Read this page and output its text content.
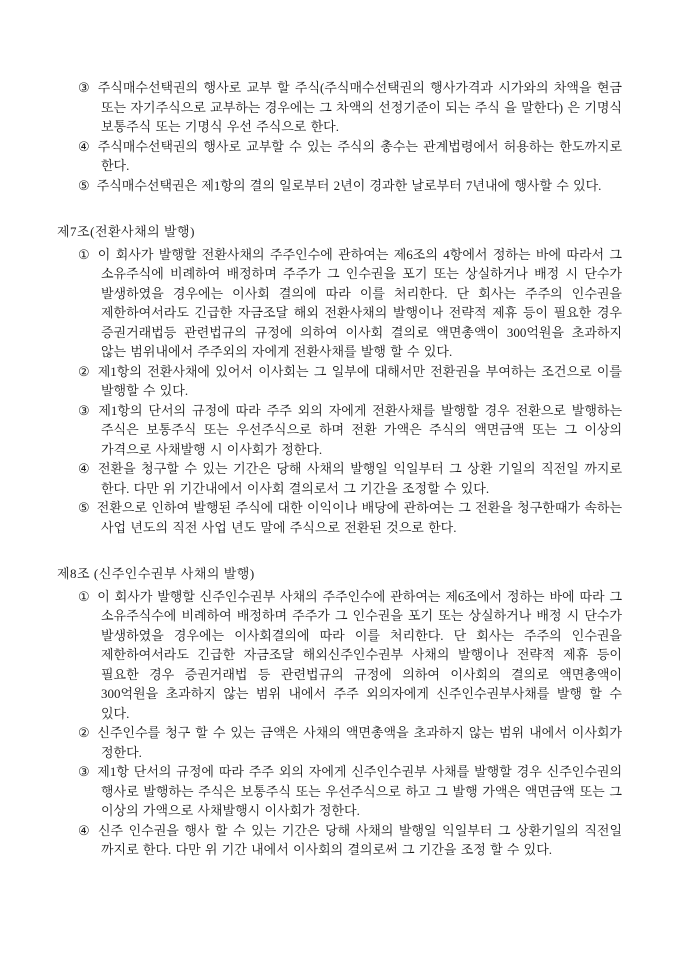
③ 주식매수선택권의 행사로 교부 할 주식(주식매수선택권의 행사가격과 시가와의 차액을 현금 또는 자기주식으로 교부하는 경우에는 그 차액의 선정기준이 되는 주식 을 말한다) 은 기명식 보통주식 또는 기명식 우선 주식으로 한다.

④ 주식매수선택권의 행사로 교부할 수 있는 주식의 총수는 관계법령에서 허용하는 한도까지로 한다.

⑤ 주식매수선택권은 제1항의 결의 일로부터 2년이 경과한 날로부터 7년내에 행사할 수 있다.

제7조(전환사채의 발행)

① 이 회사가 발행할 전환사채의 주주인수에 관하여는 제6조의 4항에서 정하는 바에 따라서 그 소유주식에 비례하여 배정하며 주주가 그 인수권을 포기 또는 상실하거나 배정 시 단수가 발생하였을 경우에는 이사회 결의에 따라 이를 처리한다. 단 회사는 주주의 인수권을 제한하여서라도 긴급한 자금조달 해외 전환사채의 발행이나 전략적 제휴 등이 필요한 경우 증권거래법등 관련법규의 규정에 의하여 이사회 결의로 액면총액이 300억원을 초과하지 않는 범위내에서 주주외의 자에게 전환사채를 발행 할 수 있다.

② 제1항의 전환사채에 있어서 이사회는 그 일부에 대해서만 전환권을 부여하는 조건으로 이를 발행할 수 있다.

③ 제1항의 단서의 규정에 따라 주주 외의 자에게 전환사채를 발행할 경우 전환으로 발행하는 주식은 보통주식 또는 우선주식으로 하며 전환 가액은 주식의 액면금액 또는 그 이상의 가격으로 사채발행 시 이사회가 정한다.

④ 전환을 청구할 수 있는 기간은 당해 사채의 발행일 익일부터 그 상환 기일의 직전일 까지로 한다. 다만 위 기간내에서 이사회 결의로서 그 기간을 조정할 수 있다.

⑤ 전환으로 인하여 발행된 주식에 대한 이익이나 배당에 관하여는 그 전환을 청구한때가 속하는 사업 년도의 직전 사업 년도 말에 주식으로 전환된 것으로 한다.

제8조 (신주인수권부 사채의 발행)

① 이 회사가 발행할 신주인수권부 사채의 주주인수에 관하여는 제6조에서 정하는 바에 따라 그 소유주식수에 비례하여 배정하며 주주가 그 인수권을 포기 또는 상실하거나 배정 시 단수가 발생하였을 경우에는 이사회결의에 따라 이를 처리한다. 단 회사는 주주의 인수권을 제한하여서라도 긴급한 자금조달 해외신주인수권부 사채의 발행이나 전략적 제휴 등이 필요한 경우 증권거래법 등 관련법규의 규정에 의하여 이사회의 결의로 액면총액이 300억원을 초과하지 않는 범위 내에서 주주 외의자에게 신주인수권부사채를 발행 할 수 있다.

② 신주인수를 청구 할 수 있는 금액은 사채의 액면총액을 초과하지 않는 범위 내에서 이사회가 정한다.

③ 제1항 단서의 규정에 따라 주주 외의 자에게 신주인수권부 사채를 발행할 경우 신주인수권의 행사로 발행하는 주식은 보통주식 또는 우선주식으로 하고 그 발행 가액은 액면금액 또는 그 이상의 가액으로 사채발행시 이사회가 정한다.

④ 신주 인수권을 행사 할 수 있는 기간은 당해 사채의 발행일 익일부터 그 상환기일의 직전일 까지로 한다. 다만 위 기간 내에서 이사회의 결의로써 그 기간을 조정 할 수 있다.
